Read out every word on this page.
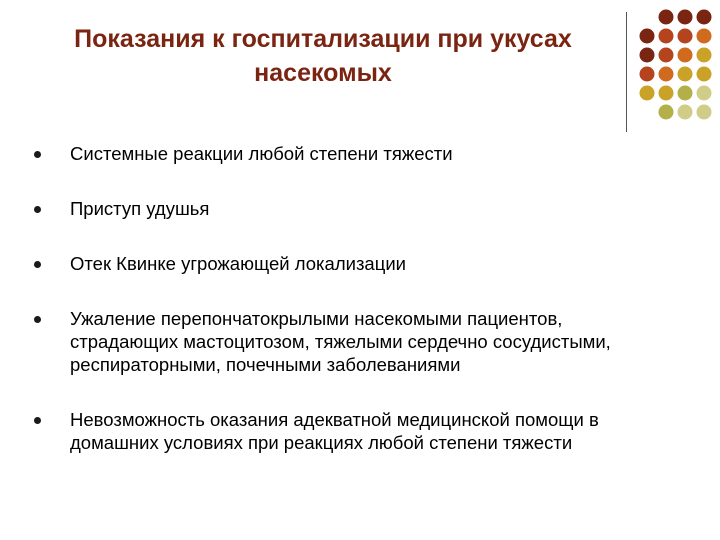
Показания к госпитализации при укусах
насекомых
Системные реакции любой степени тяжести
Приступ удушья
Отек Квинке угрожающей локализации
Ужаление перепончатокрылыми насекомыми пациентов,
страдающих мастоцитозом, тяжелыми сердечно сосудистыми,
респираторными, почечными заболеваниями
Невозможность оказания адекватной медицинской помощи в
домашних условиях при реакциях любой степени тяжести
